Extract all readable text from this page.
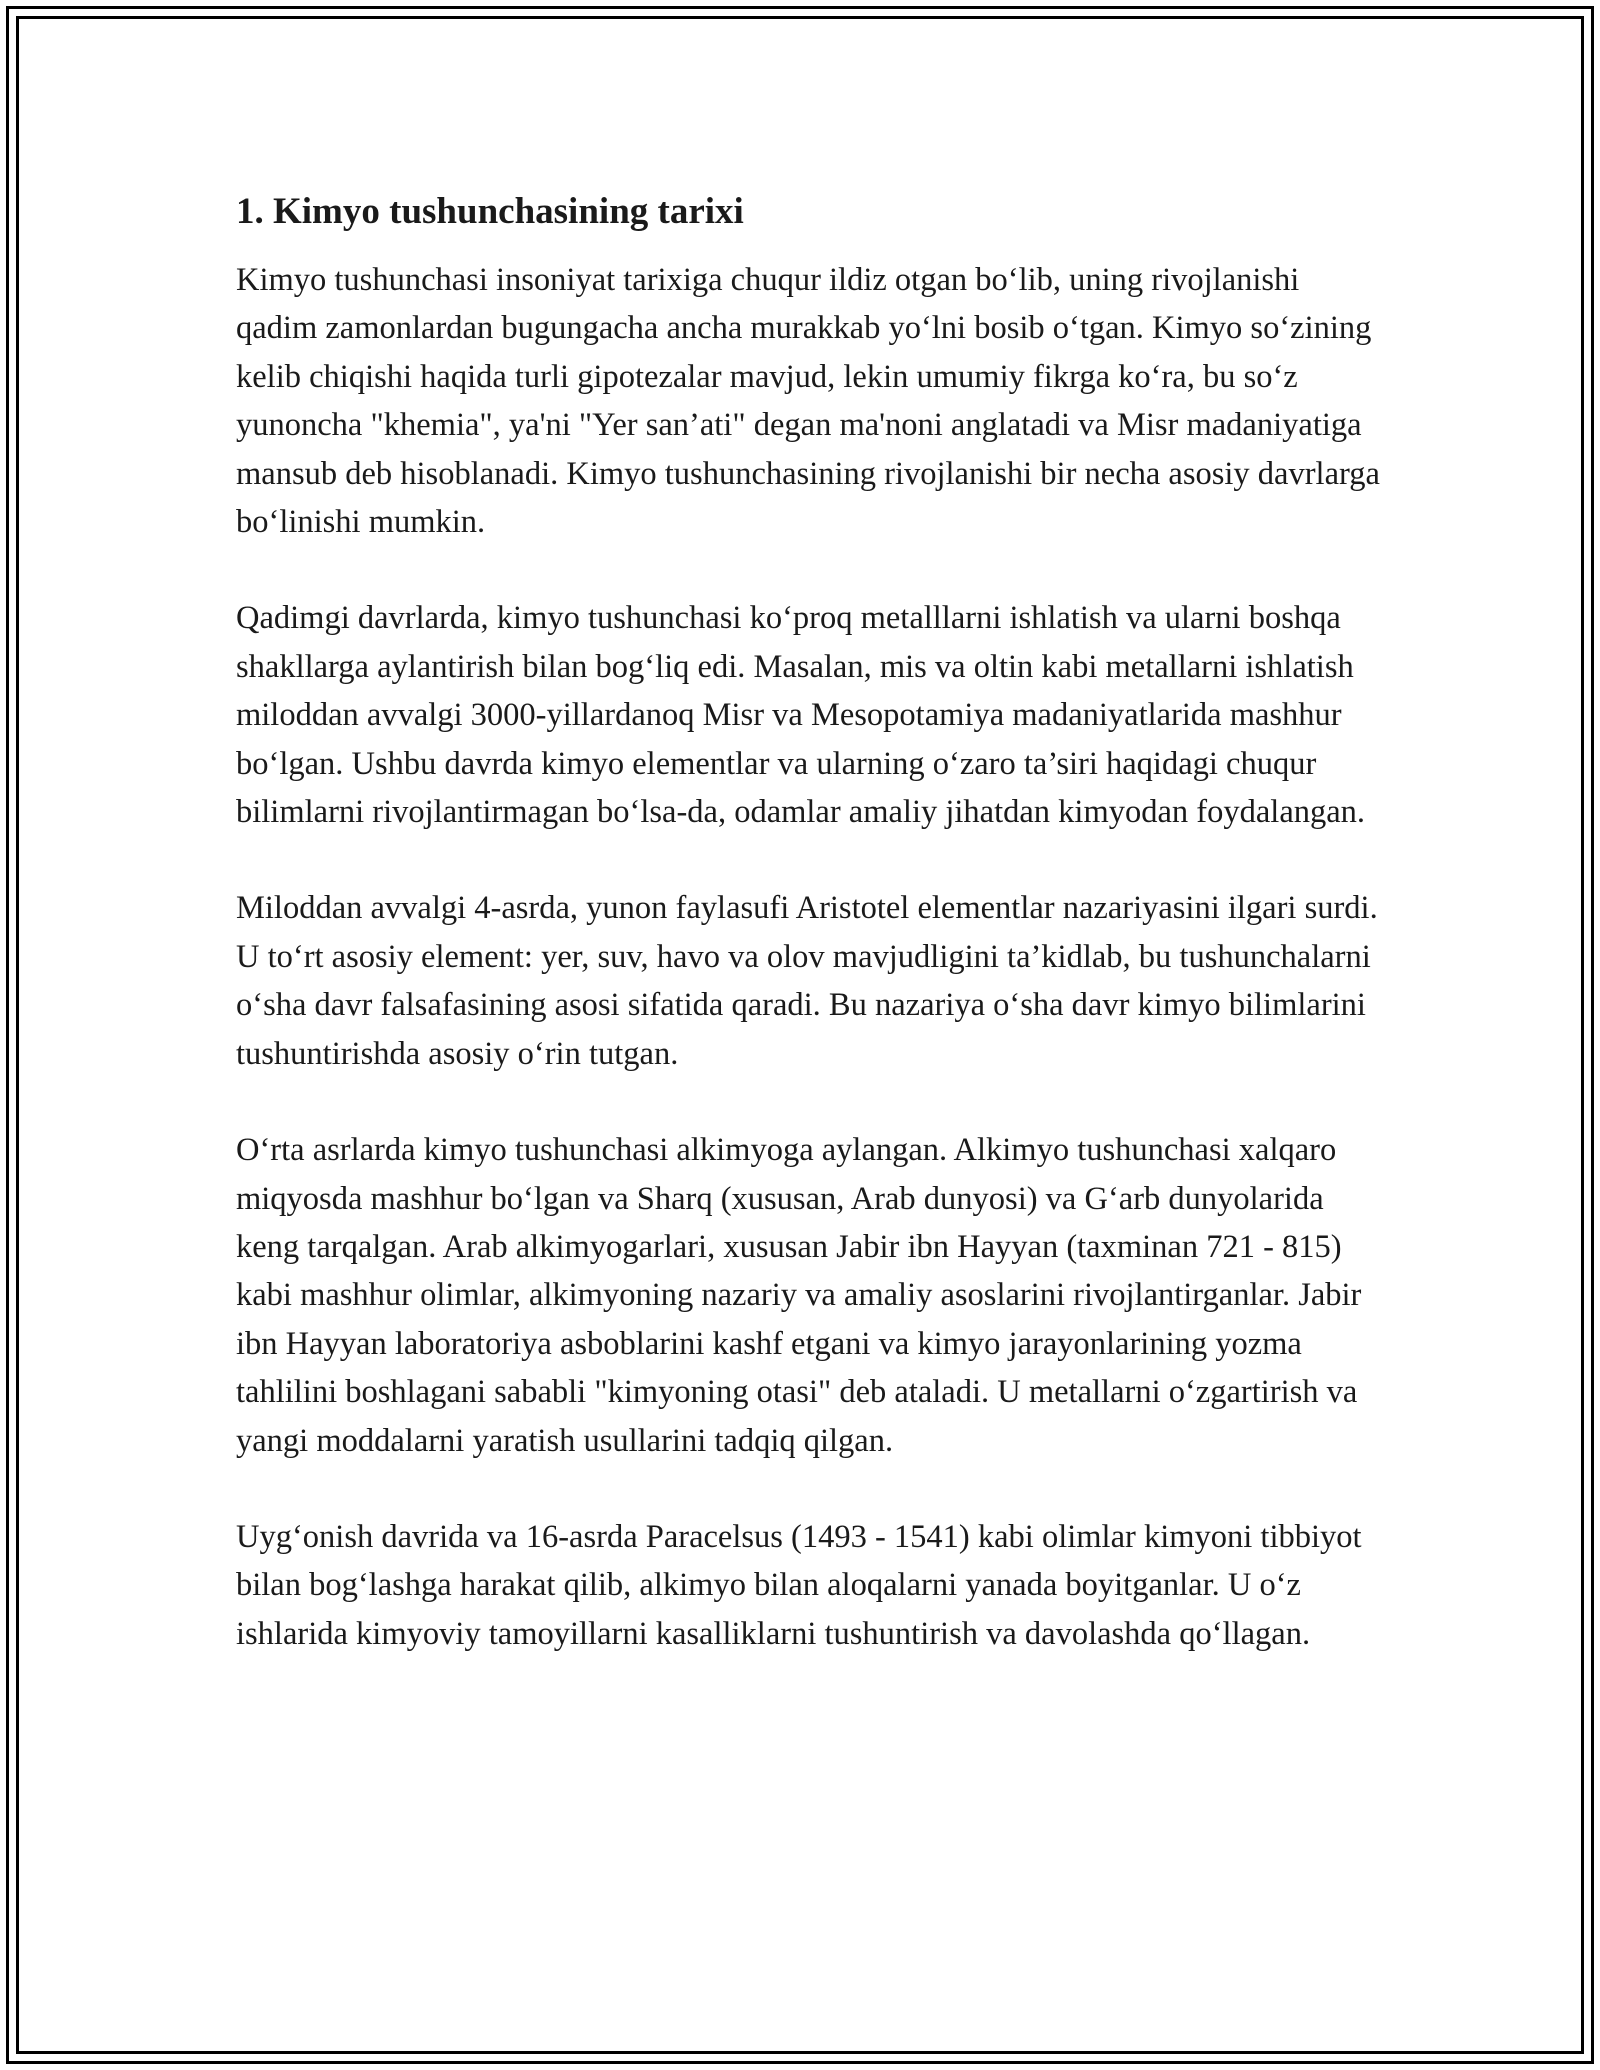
1. Kimyo tushunchasining tarixi

Kimyo tushunchasi insoniyat tarixiga chuqur ildiz otgan bo‘lib, uning rivojlanishi qadim zamonlardan bugungacha ancha murakkab yo‘lni bosib o‘tgan. Kimyo so‘zining kelib chiqishi haqida turli gipotezalar mavjud, lekin umumiy fikrga ko‘ra, bu so‘z yunoncha "khemia", ya'ni "Yer san’ati" degan ma'noni anglatadi va Misr madaniyatiga mansub deb hisoblanadi. Kimyo tushunchasining rivojlanishi bir necha asosiy davrlarga bo‘linishi mumkin.

Qadimgi davrlarda, kimyo tushunchasi ko‘proq metalllarni ishlatish va ularni boshqa shakllarga aylantirish bilan bog‘liq edi. Masalan, mis va oltin kabi metallarni ishlatish miloddan avvalgi 3000-yillardanoq Misr va Mesopotamiya madaniyatlarida mashhur bo‘lgan. Ushbu davrda kimyo elementlar va ularning o‘zaro ta’siri haqidagi chuqur bilimlarni rivojlantirmagan bo‘lsa-da, odamlar amaliy jihatdan kimyodan foydalangan.

Miloddan avvalgi 4-asrda, yunon faylasufi Aristotel elementlar nazariyasini ilgari surdi. U to‘rt asosiy element: yer, suv, havo va olov mavjudligini ta’kidlab, bu tushunchalarni o‘sha davr falsafasining asosi sifatida qaradi. Bu nazariya o‘sha davr kimyo bilimlarini tushuntirishda asosiy o‘rin tutgan.

O‘rta asrlarda kimyo tushunchasi alkimyoga aylangan. Alkimyo tushunchasi xalqaro miqyosda mashhur bo‘lgan va Sharq (xususan, Arab dunyosi) va G‘arb dunyolarida keng tarqalgan. Arab alkimyogarlari, xususan Jabir ibn Hayyan (taxminan 721 - 815) kabi mashhur olimlar, alkimyoning nazariy va amaliy asoslarini rivojlantirganlar. Jabir ibn Hayyan laboratoriya asboblarini kashf etgani va kimyo jarayonlarining yozma tahlilini boshlagani sababli "kimyoning otasi" deb ataladi. U metallarni o‘zgartirish va yangi moddalarni yaratish usullarini tadqiq qilgan.

Uyg‘onish davrida va 16-asrda Paracelsus (1493 - 1541) kabi olimlar kimyoni tibbiyot bilan bog‘lashga harakat qilib, alkimyo bilan aloqalarni yanada boyitganlar. U o‘z ishlarida kimyoviy tamoyillarni kasalliklarni tushuntirish va davolashda qo‘llagan.
